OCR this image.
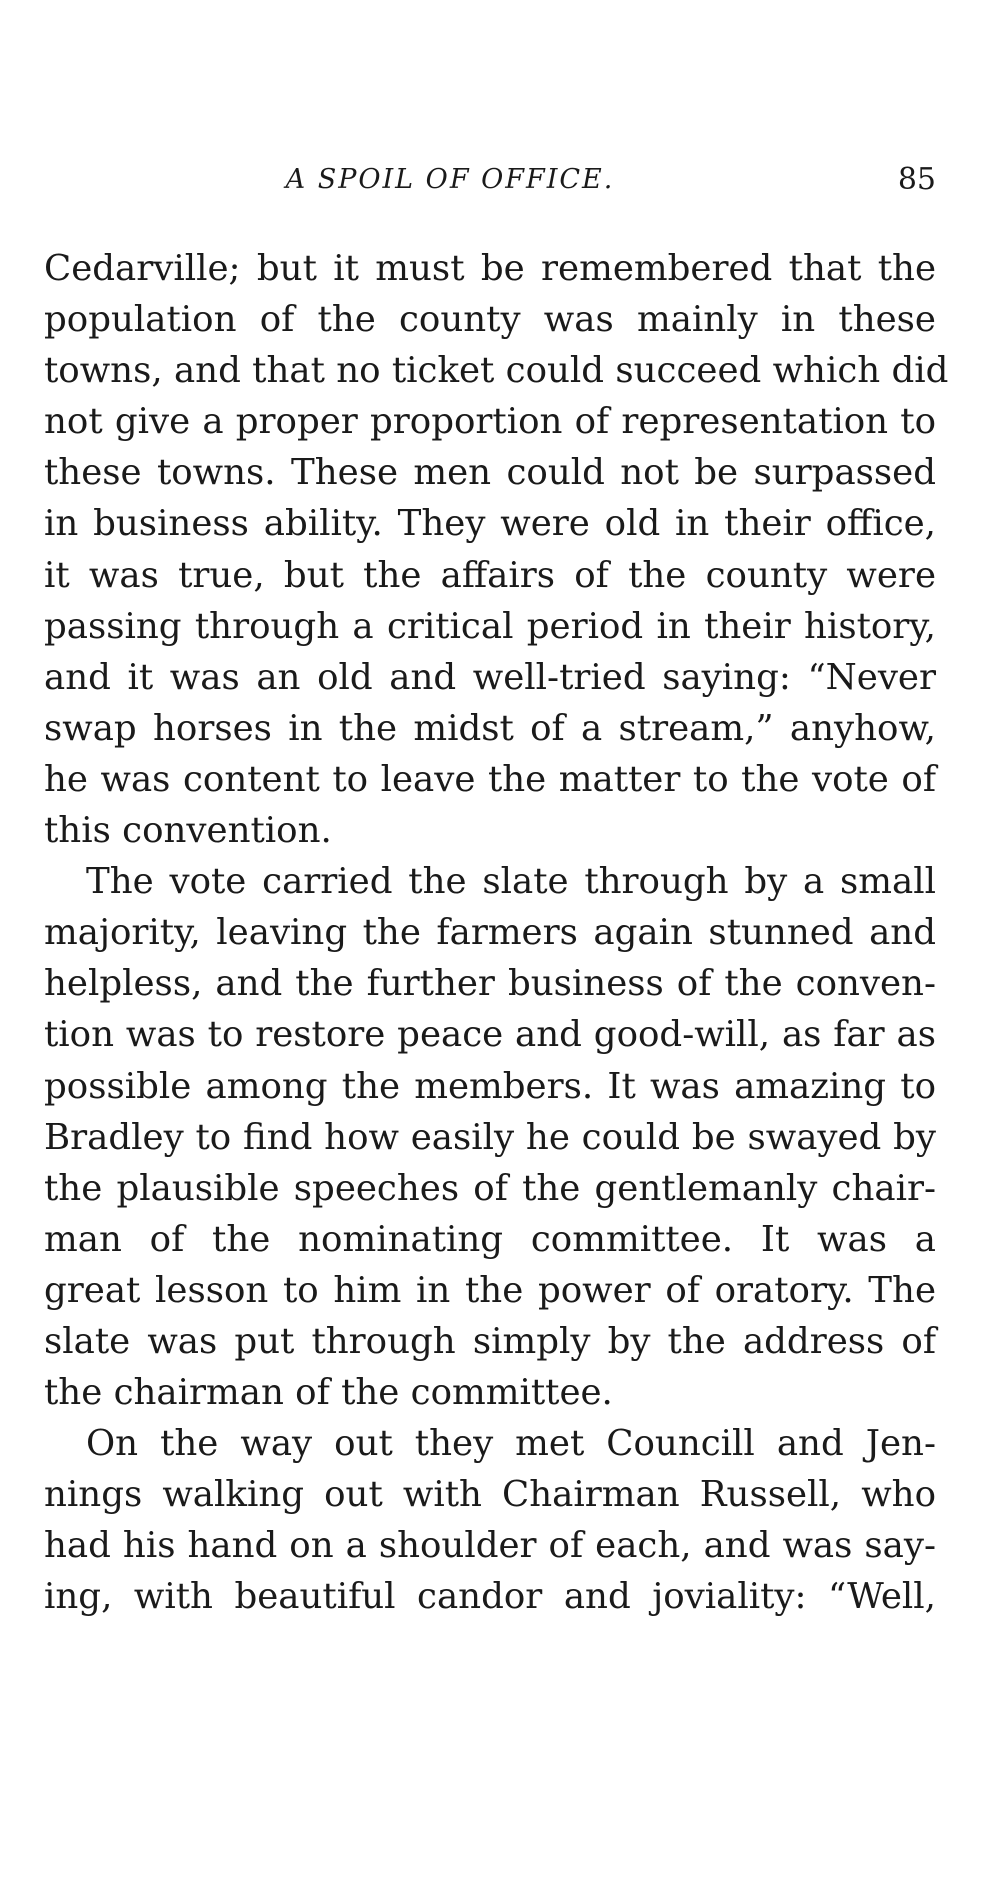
A SPOIL OF OFFICE.	85
Cedarville; but it must be remembered that the
population of the county was mainly in these
towns, and that no ticket could succeed which did
not give a proper proportion of representation to
these towns. These men could not be surpassed
in business ability. They were old in their office,
it was true, but the affairs of the county were
passing through a critical period in their history,
and it was an old and well-tried saying: “Never
swap horses in the midst of a stream,” anyhow,
he was content to leave the matter to the vote of
this convention.
The vote carried the slate through by a small
majority, leaving the farmers again stunned and
helpless, and the further business of the conven-
tion was to restore peace and good-will, as far as
possible among the members. It was amazing to
Bradley to find how easily he could be swayed by
the plausible speeches of the gentlemanly chair-
man of the nominating committee. It was a
great lesson to him in the power of oratory. The
slate was put through simply by the address of
the chairman of the committee.
On the way out they met Councill and Jen-
nings walking out with Chairman Russell, who
had his hand on a shoulder of each, and was say-
ing, with beautiful candor and joviality: “Well,
